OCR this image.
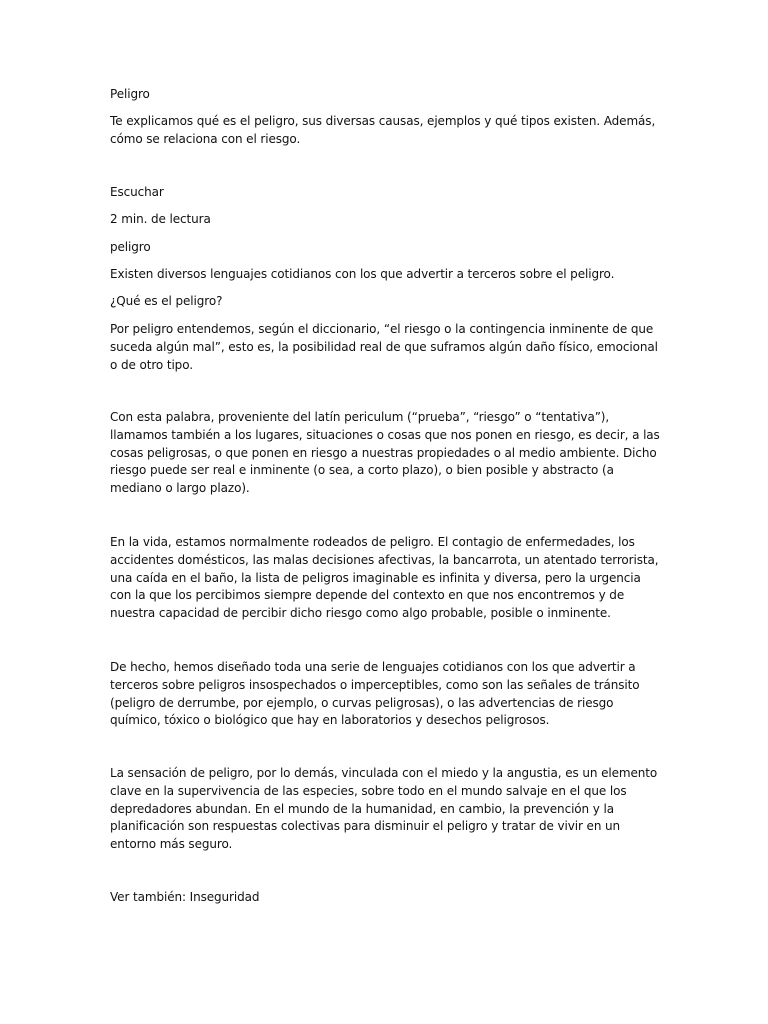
Peligro

Te explicamos qué es el peligro, sus diversas causas, ejemplos y qué tipos existen. Además, cómo se relaciona con el riesgo.

Escuchar

2 min. de lectura

peligro

Existen diversos lenguajes cotidianos con los que advertir a terceros sobre el peligro.

¿Qué es el peligro?

Por peligro entendemos, según el diccionario, “el riesgo o la contingencia inminente de que suceda algún mal”, esto es, la posibilidad real de que suframos algún daño físico, emocional o de otro tipo.

Con esta palabra, proveniente del latín periculum (“prueba”, “riesgo” o “tentativa”), llamamos también a los lugares, situaciones o cosas que nos ponen en riesgo, es decir, a las cosas peligrosas, o que ponen en riesgo a nuestras propiedades o al medio ambiente. Dicho riesgo puede ser real e inminente (o sea, a corto plazo), o bien posible y abstracto (a mediano o largo plazo).

En la vida, estamos normalmente rodeados de peligro. El contagio de enfermedades, los accidentes domésticos, las malas decisiones afectivas, la bancarrota, un atentado terrorista, una caída en el baño, la lista de peligros imaginable es infinita y diversa, pero la urgencia con la que los percibimos siempre depende del contexto en que nos encontremos y de nuestra capacidad de percibir dicho riesgo como algo probable, posible o inminente.

De hecho, hemos diseñado toda una serie de lenguajes cotidianos con los que advertir a terceros sobre peligros insospechados o imperceptibles, como son las señales de tránsito (peligro de derrumbe, por ejemplo, o curvas peligrosas), o las advertencias de riesgo químico, tóxico o biológico que hay en laboratorios y desechos peligrosos.

La sensación de peligro, por lo demás, vinculada con el miedo y la angustia, es un elemento clave en la supervivencia de las especies, sobre todo en el mundo salvaje en el que los depredadores abundan. En el mundo de la humanidad, en cambio, la prevención y la planificación son respuestas colectivas para disminuir el peligro y tratar de vivir en un entorno más seguro.

Ver también: Inseguridad
